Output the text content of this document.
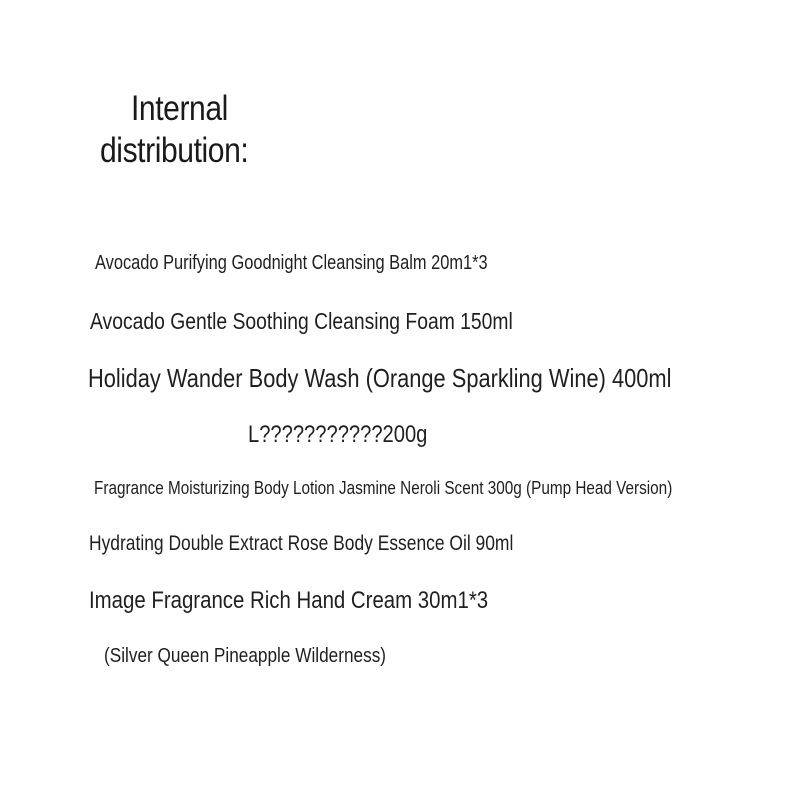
Internal
distribution:

Avocado Purifying Goodnight Cleansing Balm 20m1*3

Avocado Gentle Soothing Cleansing Foam 150ml

Holiday Wander Body Wash (Orange Sparkling Wine) 400ml

L???????????200g

Fragrance Moisturizing Body Lotion Jasmine Neroli Scent 300g (Pump Head Version)

Hydrating Double Extract Rose Body Essence Oil 90ml

Image Fragrance Rich Hand Cream 30m1*3

(Silver Queen Pineapple Wilderness)
